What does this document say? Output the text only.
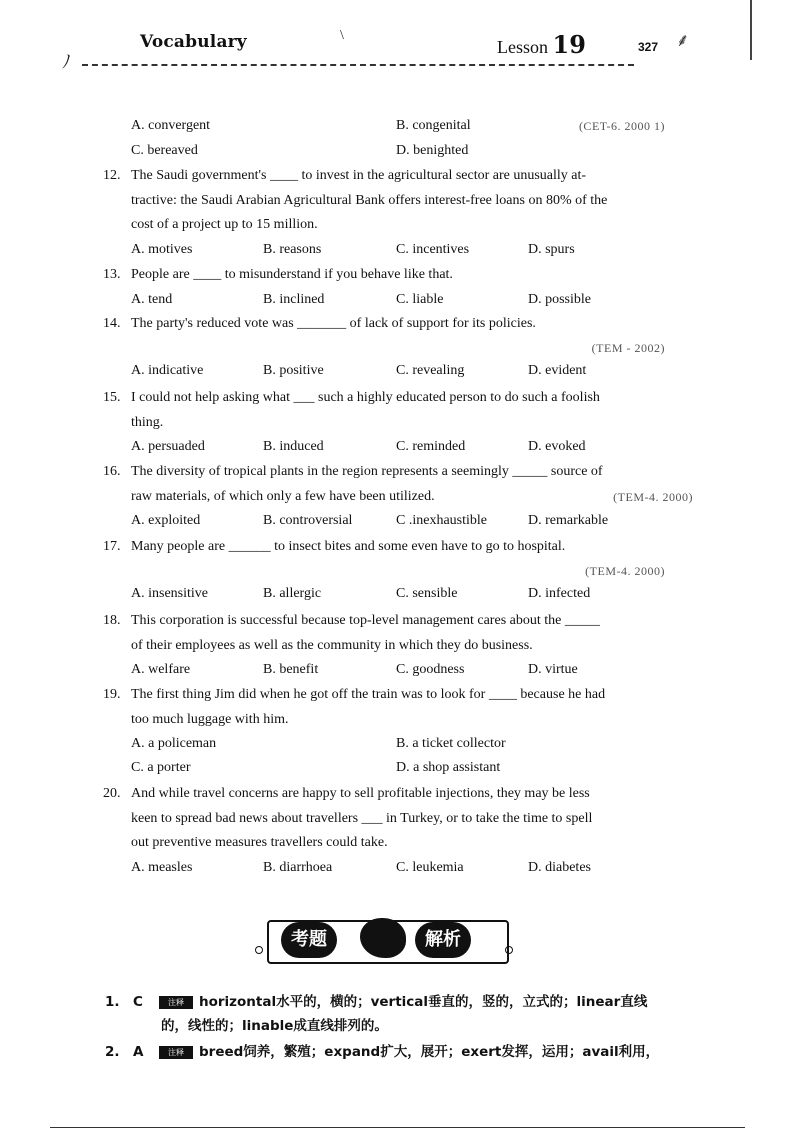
ﾉ
Vocabulary	\
Lesson 19	327 ⸙
A. convergent	B. congenital	(CET-6. 2000 1)
C. bereaved	D. benighted
12. The Saudi government's ____ to invest in the agricultural sector are unusually at-
tractive: the Saudi Arabian Agricultural Bank offers interest-free loans on 80% of the
cost of a project up to 15 million.
A. motives	B. reasons	C. incentives	D. spurs
13. People are ____ to misunderstand if you behave like that.
A. tend	B. inclined	C. liable	D. possible
14. The party's reduced vote was _______ of lack of support for its policies.
(TEM - 2002)
A. indicative	B. positive	C. revealing	D. evident
15. I could not help asking what ___ such a highly educated person to do such a foolish
thing.
A. persuaded	B. induced	C. reminded	D. evoked
16. The diversity of tropical plants in the region represents a seemingly _____ source of
raw materials, of which only a few have been utilized.	(TEM-4. 2000)
A. exploited	B. controversial	C .inexhaustible	D. remarkable
17. Many people are ______ to insect bites and some even have to go to hospital.
(TEM-4. 2000)
A. insensitive	B. allergic	C. sensible	D. infected
18. This corporation is successful because top-level management cares about the _____
of their employees as well as the community in which they do business.
A. welfare	B. benefit	C. goodness	D. virtue
19. The first thing Jim did when he got off the train was to look for ____ because he had
too much luggage with him.
A. a policeman	B. a ticket collector
C. a porter	D. a shop assistant
20. And while travel concerns are happy to sell profitable injections, they may be less
keen to spread bad news about travellers ___ in Turkey, or to take the time to spell
out preventive measures travellers could take.
A. measles	B. diarrhoea	C. leukemia	D. diabetes
考题	解析
1. C	注释	horizontal水平的，横的；vertical垂直的，竖的，立式的；linear直线
的，线性的；linable成直线排列的。
2. A	注释	breed饲养，繁殖；expand扩大，展开；exert发挥，运用；avail利用，
